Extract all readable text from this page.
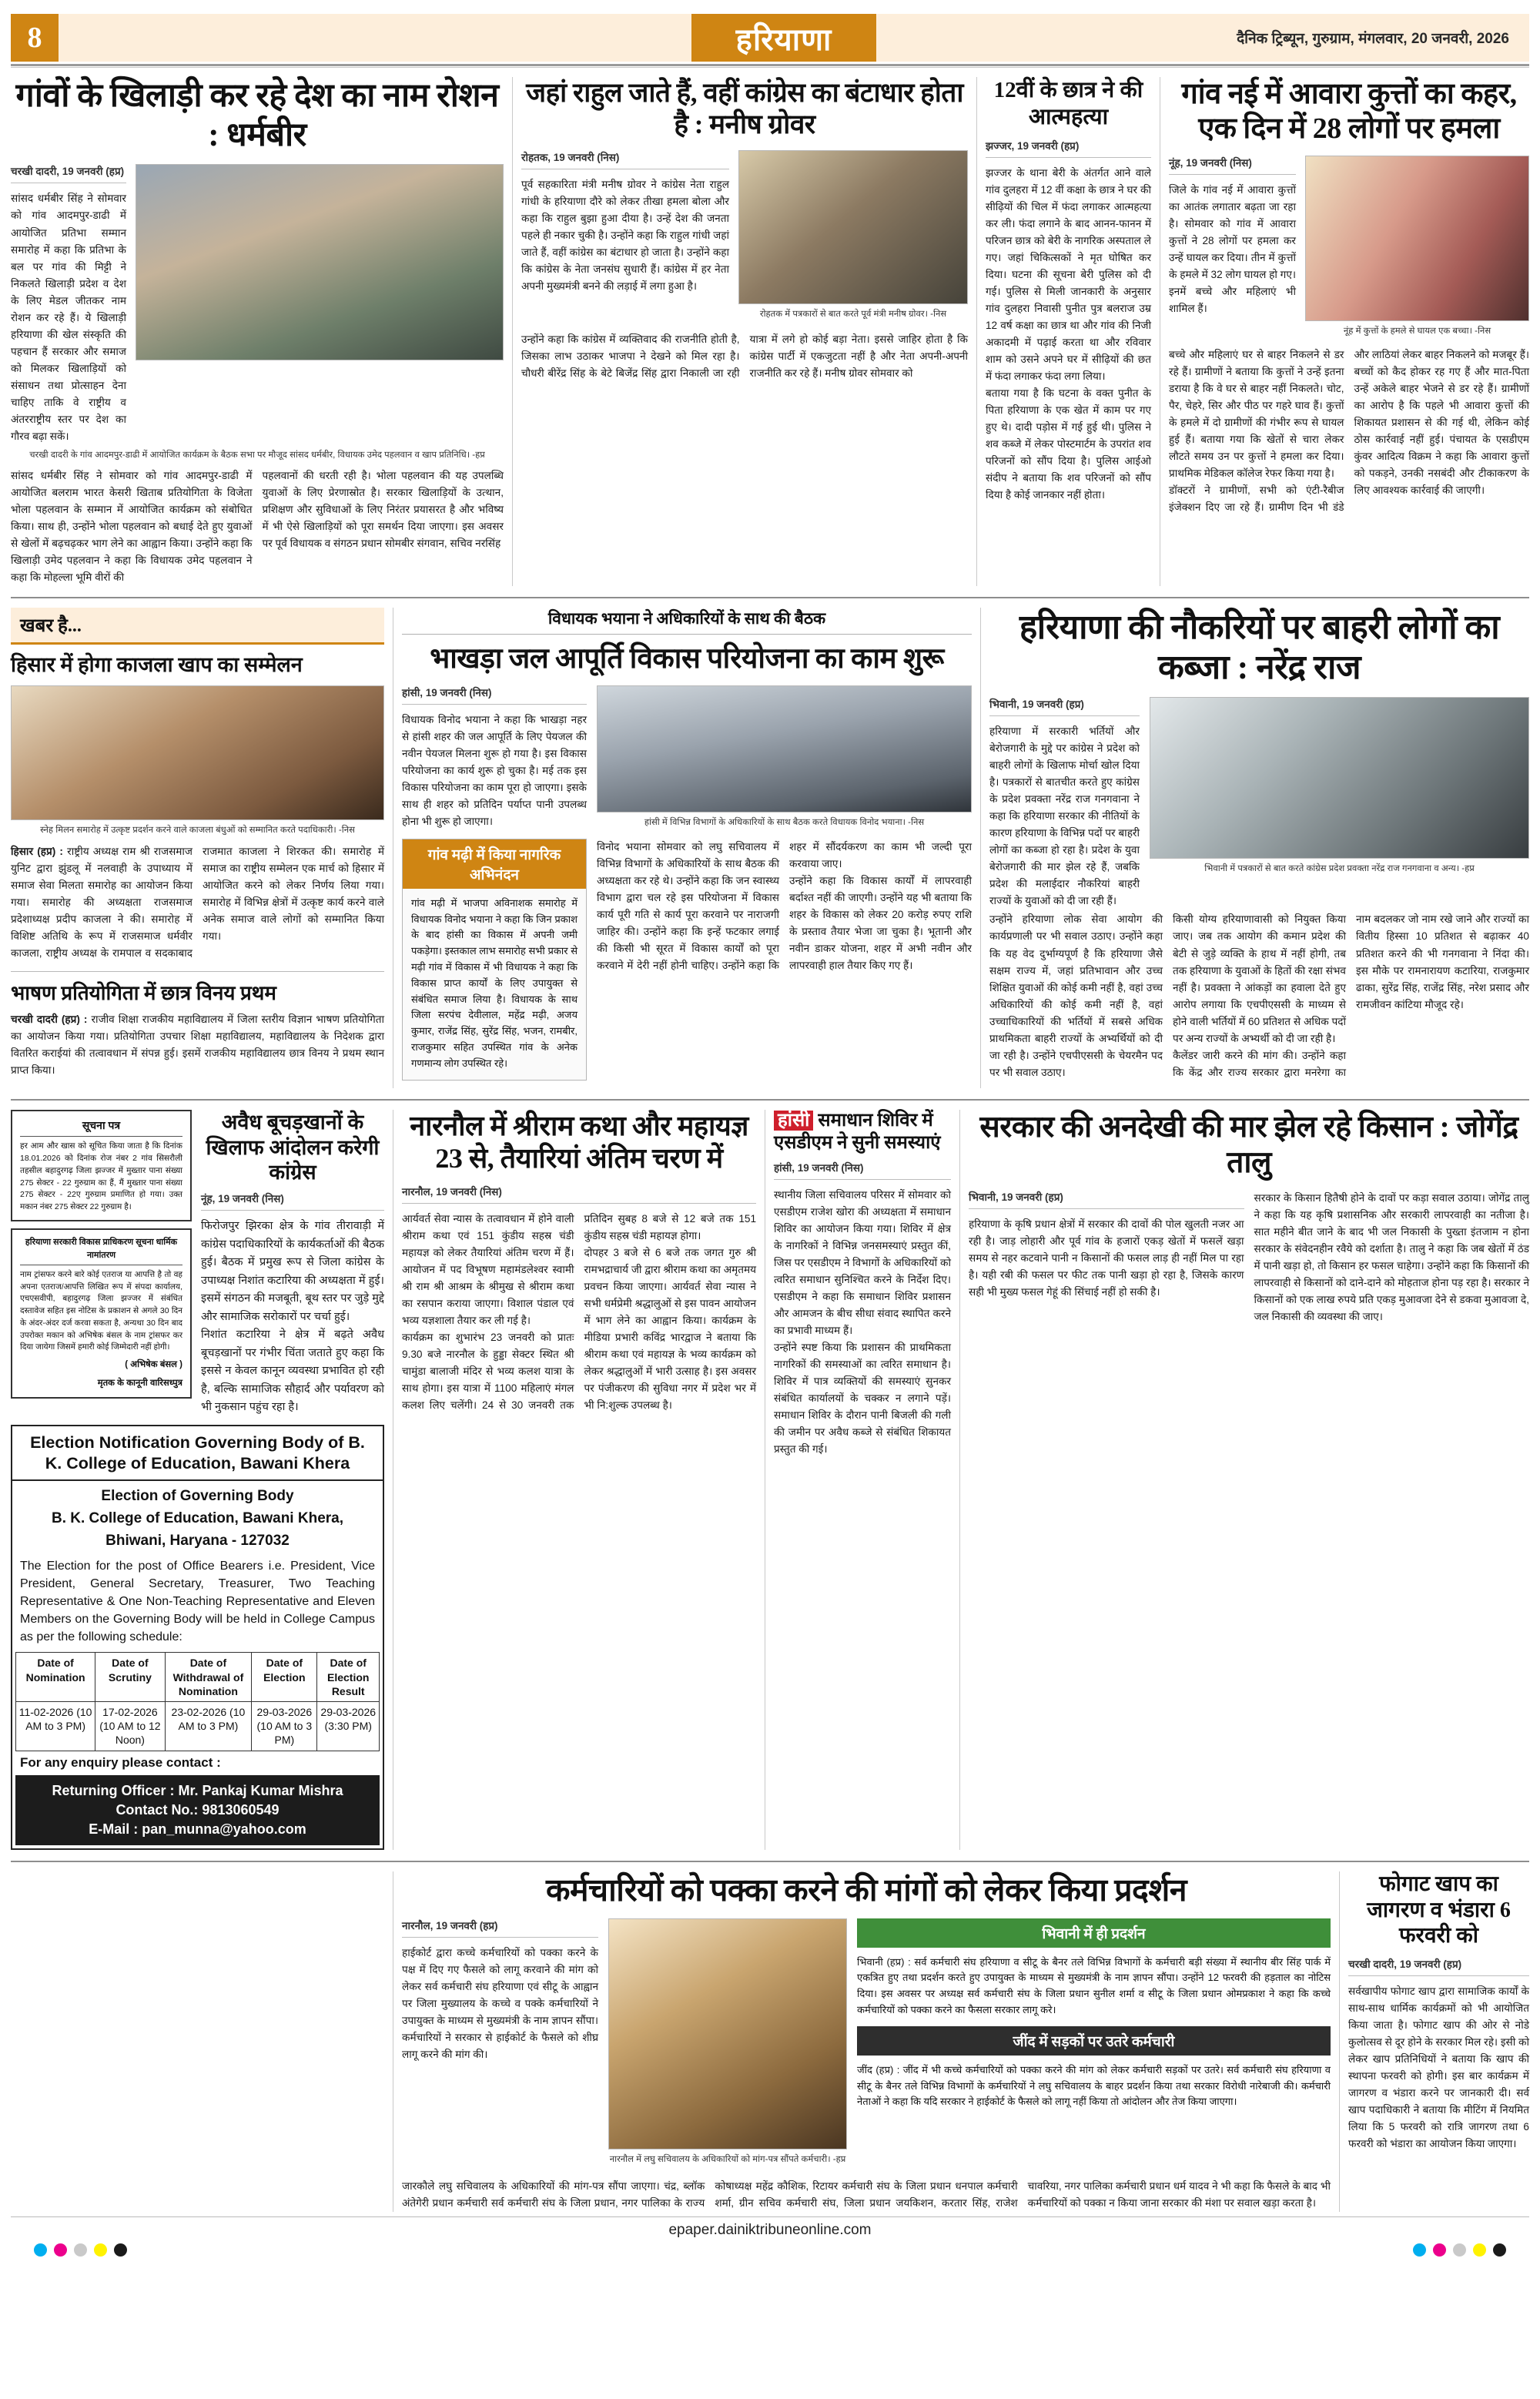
8	हरियाणा	दैनिक ट्रिब्यून, गुरुग्राम, मंगलवार, 20 जनवरी, 2026
गांवों के खिलाड़ी कर रहे देश का नाम रोशन : धर्मबीर
चरखी दादरी, 19 जनवरी (हप्र)

सांसद धर्मबीर सिंह ने सोमवार को गांव आदमपुर-डाढी में आयोजित प्रतिभा सम्मान समारोह में कहा कि प्रतिभा के बल पर गांव की मिट्टी ने निकलते खिलाड़ी प्रदेश व देश के लिए मेडल जीतकर नाम रोशन कर रहे हैं। ये खिलाड़ी हरियाणा की खेल संस्कृति की पहचान हैं सरकार और समाज को मिलकर खिलाड़ियों को संसाधन तथा प्रोत्साहन देना चाहिए ताकि वे राष्ट्रीय व अंतरराष्ट्रीय स्तर पर देश का गौरव बढ़ा सकें।

चरखी दादरी के गांव आदमपुर-डाढी में आयोजित कार्यक्रम के बैठक सभा पर मौजूद सांसद धर्मबीर, विधायक उमेद पहलवान व खाप प्रतिनिधि। -हप्र

सांसद धर्मबीर सिंह ने सोमवार को गांव आदमपुर-डाढी में आयोजित बलराम भारत केसरी खिताब प्रतियोगिता के विजेता भोला पहलवान के सम्मान में आयोजित कार्यक्रम को संबोधित किया। साथ ही, उन्होंने भोला पहलवान को बधाई देते हुए युवाओं से खेलों में बढ़चढ़कर भाग लेने का आह्वान किया। उन्होंने कहा कि खिलाड़ी उमेद पहलवान ने कहा कि विधायक उमेद पहलवान ने कहा कि मोहल्ला भूमि वीरों की

पहलवानों की धरती रही है। भोला पहलवान की यह उपलब्धि युवाओं के लिए प्रेरणास्रोत है। सरकार खिलाड़ियों के उत्थान, प्रशिक्षण और सुविधाओं के लिए निरंतर प्रयासरत है और भविष्य में भी ऐसे खिलाड़ियों को पूरा समर्थन दिया जाएगा। इस अवसर पर पूर्व विधायक व संगठन प्रधान सोमबीर संगवान, सचिव नरसिंह

जहां राहुल जाते हैं, वहीं कांग्रेस का बंटाधार होता है : मनीष ग्रोवर
रोहतक, 19 जनवरी (निस)

पूर्व सहकारिता मंत्री मनीष ग्रोवर ने कांग्रेस नेता राहुल गांधी के हरियाणा दौरे को लेकर तीखा हमला बोला और कहा कि राहुल बुझा हुआ दीया है। उन्हें देश की जनता पहले ही नकार चुकी है। उन्होंने कहा कि राहुल गांधी जहां जाते हैं, वहीं कांग्रेस का बंटाधार हो जाता है। उन्होंने कहा कि कांग्रेस के नेता जनसंघ सुधारी हैं। कांग्रेस में हर नेता अपनी मुख्यमंत्री बनने की लड़ाई में लगा हुआ है।

रोहतक में पत्रकारों से बात करते पूर्व मंत्री मनीष ग्रोवर। -निस

उन्होंने कहा कि कांग्रेस में व्यक्तिवाद की राजनीति होती है, जिसका लाभ उठाकर भाजपा ने देखने को मिल रहा है। चौधरी बीरेंद्र सिंह के बेटे बिजेंद्र सिंह द्वारा निकाली जा रही यात्रा में लगे हो कोई बड़ा नेता। इससे जाहिर होता है कि कांग्रेस पार्टी में एकजुटता नहीं है और नेता अपनी-अपनी राजनीति कर रहे हैं। मनीष ग्रोवर सोमवार को

12वीं के छात्र ने की आत्महत्या
झज्जर, 19 जनवरी (हप्र)

झज्जर के थाना बेरी के अंतर्गत आने वाले गांव दुलहरा में 12 वीं कक्षा के छात्र ने घर की सीढ़ियों की चिल में फंदा लगाकर आत्महत्या कर ली। फंदा लगाने के बाद आनन-फानन में परिजन छात्र को बेरी के नागरिक अस्पताल ले गए। जहां चिकित्सकों ने मृत घोषित कर दिया। घटना की सूचना बेरी पुलिस को दी गई। पुलिस से मिली जानकारी के अनुसार गांव दुलहरा निवासी पुनीत पुत्र बलराज उम्र 12 वर्ष कक्षा का छात्र था और गांव की निजी अकादमी में पढ़ाई करता था और रविवार शाम को उसने अपने घर में सीढ़ियों की छत में फंदा लगाकर फंदा लगा लिया।

बताया गया है कि घटना के वक्त पुनीत के पिता हरियाणा के एक खेत में काम पर गए हुए थे। दादी पड़ोस में गई हुई थी। पुलिस ने शव कब्जे में लेकर पोस्टमार्टम के उपरांत शव परिजनों को सौंप दिया है। पुलिस आईओ संदीप ने बताया कि शव परिजनों को सौंप दिया है कोई जानकार नहीं होता।

गांव नई में आवारा कुत्तों का कहर, एक दिन में 28 लोगों पर हमला
नूंह, 19 जनवरी (निस)

जिले के गांव नई में आवारा कुत्तों का आतंक लगातार बढ़ता जा रहा है। सोमवार को गांव में आवारा कुत्तों ने 28 लोगों पर हमला कर उन्हें घायल कर दिया। तीन में कुत्तों के हमले में 32 लोग घायल हो गए। इनमें बच्चे और महिलाएं भी शामिल हैं।

नूंह में कुत्तों के हमले से घायल एक बच्चा। -निस

बच्चे और महिलाएं घर से बाहर निकलने से डर रहे हैं। ग्रामीणों ने बताया कि कुत्तों ने उन्हें इतना डराया है कि वे घर से बाहर नहीं निकलते। चोट, पैर, चेहरे, सिर और पीठ पर गहरे घाव हैं। कुत्तों के हमले में दो ग्रामीणों की गंभीर रूप से घायल हुई हैं। बताया गया कि खेतों से चारा लेकर लौटते समय उन पर कुत्तों ने हमला कर दिया। प्राथमिक मेडिकल कॉलेज रेफर किया गया है।

डॉक्टरों ने ग्रामीणों, सभी को एंटी-रैबीज इंजेक्शन दिए जा रहे हैं। ग्रामीण दिन भी डंडे और लाठियां लेकर बाहर निकलने को मजबूर हैं। बच्चों को कैद होकर रह गए हैं और मात-पिता उन्हें अकेले बाहर भेजने से डर रहे हैं। ग्रामीणों का आरोप है कि पहले भी आवारा कुत्तों की शिकायत प्रशासन से की गई थी, लेकिन कोई ठोस कार्रवाई नहीं हुई। पंचायत के एसडीएम कुंवर आदित्य विक्रम ने कहा कि आवारा कुत्तों को पकड़ने, उनकी नसबंदी और टीकाकरण के लिए आवश्यक कार्रवाई की जाएगी।

खबर है...
हिसार में होगा काजला खाप का सम्मेलन
स्नेह मिलन समारोह में उत्कृष्ट प्रदर्शन करने वाले काजला बंधुओं को सम्मानित करते पदाधिकारी। -निस

हिसार (हप्र) : राष्ट्रीय अध्यक्ष राम श्री राजसमाज युनिट द्वारा झुंडलू में नलवाही के उपाध्याय में समाज सेवा मिलता समारोह का आयोजन किया गया। समारोह की अध्यक्षता राजसमाज प्रदेशाध्यक्ष प्रदीप काजला ने की। समारोह में विशिष्ट अतिथि के रूप में राजसमाज धर्मवीर काजला, राष्ट्रीय अध्यक्ष के रामपाल व सदकाबाद राजमात काजला ने शिरकत की। समारोह में समाज का राष्ट्रीय सम्मेलन एक मार्च को हिसार में आयोजित करने को लेकर निर्णय लिया गया। समारोह में विभिन्न क्षेत्रों में उत्कृष्ट कार्य करने वाले अनेक समाज वाले लोगों को सम्मानित किया गया।

भाषण प्रतियोगिता में छात्र विनय प्रथम

चरखी दादरी (हप्र) : राजीव शिक्षा राजकीय महाविद्यालय में जिला स्तरीय विज्ञान भाषण प्रतियोगिता का आयोजन किया गया। प्रतियोगिता उपचार शिक्षा महाविद्यालय, महाविद्यालय के निदेशक द्वारा वितरित कराईयां की तत्वावधान में संपन्न हुई। इसमें राजकीय महाविद्यालय छात्र विनय ने प्रथम स्थान प्राप्त किया।

विधायक भयाना ने अधिकारियों के साथ की बैठक
भाखड़ा जल आपूर्ति विकास परियोजना का काम शुरू
हांसी, 19 जनवरी (निस)

विधायक विनोद भयाना ने कहा कि भाखड़ा नहर से हांसी शहर की जल आपूर्ति के लिए पेयजल की नवीन पेयजल मिलना शुरू हो गया है। इस विकास परियोजना का कार्य शुरू हो चुका है। मई तक इस विकास परियोजना का काम पूरा हो जाएगा। इसके साथ ही शहर को प्रतिदिन पर्याप्त पानी उपलब्ध होना भी शुरू हो जाएगा।	हांसी में विभिन्न विभागों के अधिकारियों के साथ बैठक करते विधायक विनोद भयाना। -निस
गांव मढ़ी में किया नागरिक अभिनंदन
गांव मढ़ी में भाजपा अविनाशक समारोह में विधायक विनोद भयाना ने कहा कि जिन प्रकाश के बाद हांसी का विकास में अपनी जमी पकड़ेगा। इस्तकाल लाभ समारोह सभी प्रकार से मढ़ी गांव में विकास में भी विधायक ने कहा कि विकास प्राप्त कार्यों के लिए उपायुक्त से संबंधित समाज लिया है। विधायक के साथ जिला सरपंच देवीलाल, महेंद्र मढ़ी, अजय कुमार, राजेंद्र सिंह, सुरेंद्र सिंह, भजन, रामबीर, राजकुमार सहित उपस्थित गांव के अनेक गणमान्य लोग उपस्थित रहे।

विनोद भयाना सोमवार को लघु सचिवालय में विभिन्न विभागों के अधिकारियों के साथ बैठक की अध्यक्षता कर रहे थे। उन्होंने कहा कि जन स्वास्थ्य विभाग द्वारा चल रहे इस परियोजना में विकास कार्य पूरी गति से कार्य पूरा करवाने पर नाराजगी जाहिर की। उन्होंने कहा कि इन्हें फटकार लगाई की किसी भी सूरत में विकास कार्यों को पूरा करवाने में देरी नहीं होनी चाहिए। उन्होंने कहा कि शहर में सौंदर्यकरण का काम भी जल्दी पूरा करवाया जाए।

उन्होंने कहा कि विकास कार्यों में लापरवाही बर्दाश्त नहीं की जाएगी। उन्होंने यह भी बताया कि शहर के विकास को लेकर 20 करोड़ रुपए राशि के प्रस्ताव तैयार भेजा जा चुका है। भूतानी और नवीन डाकर योजना, शहर में अभी नवीन और लापरवाही हाल तैयार किए गए हैं।

हरियाणा की नौकरियों पर बाहरी लोगों का कब्जा : नरेंद्र राज
भिवानी, 19 जनवरी (हप्र)

हरियाणा में सरकारी भर्तियों और बेरोजगारी के मुद्दे पर कांग्रेस ने प्रदेश को बाहरी लोगों के खिलाफ मोर्चा खोल दिया है। पत्रकारों से बातचीत करते हुए कांग्रेस के प्रदेश प्रवक्ता नरेंद्र राज गनगवाना ने कहा कि हरियाणा सरकार की नीतियों के कारण हरियाणा के विभिन्न पदों पर बाहरी लोगों का कब्जा हो रहा है। प्रदेश के युवा बेरोजगारी की मार झेल रहे हैं, जबकि प्रदेश की मलाईदार नौकरियां बाहरी राज्यों के युवाओं को दी जा रही हैं।

भिवानी में पत्रकारों से बात करते कांग्रेस प्रदेश प्रवक्ता नरेंद्र राज गनगवाना व अन्य। -हप्र

उन्होंने हरियाणा लोक सेवा आयोग की कार्यप्रणाली पर भी सवाल उठाए। उन्होंने कहा कि यह वेद दुर्भाग्यपूर्ण है कि हरियाणा जैसे सक्षम राज्य में, जहां प्रतिभावान और उच्च शिक्षित युवाओं की कोई कमी नहीं है, वहां उच्च अधिकारियों की कोई कमी नहीं है, वहां उच्चाधिकारियों की भर्तियों में सबसे अधिक प्राथमिकता बाहरी राज्यों के अभ्यर्थियों को दी जा रही है। उन्होंने एचपीएससी के चेयरमैन पद पर भी सवाल उठाए।

किसी योग्य हरियाणावासी को नियुक्त किया जाए। जब तक आयोग की कमान प्रदेश की बेटी से जुड़े व्यक्ति के हाथ में नहीं होगी, तब तक हरियाणा के युवाओं के हितों की रक्षा संभव नहीं है। प्रवक्ता ने आंकड़ों का हवाला देते हुए आरोप लगाया कि एचपीएससी के माध्यम से होने वाली भर्तियों में 60 प्रतिशत से अधिक पदों पर अन्य राज्यों के अभ्यर्थी को दी जा रही है।

कैलेंडर जारी करने की मांग की। उन्होंने कहा कि केंद्र और राज्य सरकार द्वारा मनरेगा का नाम बदलकर जो नाम रखे जाने और राज्यों का वितीय हिस्सा 10 प्रतिशत से बढ़ाकर 40 प्रतिशत करने की भी गनगवाना ने निंदा की। इस मौके पर रामनारायण कटारिया, राजकुमार ढाका, सुरेंद्र सिंह, राजेंद्र सिंह, नरेश प्रसाद और रामजीवन कांटिया मौजूद रहे।

सूचना पत्र
हर आम और खास को सूचित किया जाता है कि दिनांक 18.01.2026 को दिनांक रोज नंबर 2 गांव सिसरौली तहसील बहादुरगढ़ जिला झज्जर में मुख्तार पाना संख्या 275 सेक्टर - 22 गुरुग्राम का हैं, मैं मुख्तार पाना संख्या 275 सेक्टर - 22ए गुरुग्राम प्रमाणित हो गया। उक्त मकान नंबर 275 सेक्टर 22 गुरुग्राम है।
हरियाणा सरकारी विकास प्राधिकरण सूचना धार्मिक नामांतरण
नाम ट्रांसफर करने बारे कोई एतराज या आपत्ति है तो वह अपना एतराज/आपत्ति लिखित रूप में संपदा कार्यालय, एचएसवीपी, बहादुरगढ़ जिला झज्जर में संबंधित दस्तावेज सहित इस नोटिस के प्रकाशन से अगले 30 दिन के अंदर-अंदर दर्ज करवा सकता है, अन्यथा 30 दिन बाद उपरोक्त मकान को अभिषेक बंसल के नाम ट्रांसफर कर दिया जायेगा जिसमें हमारी कोई जिम्मेदारी नहीं होगी।
( अभिषेक बंसल )
मृतक के कानूनी वारिसध्पुत्र
अवैध बूचड़खानों के खिलाफ आंदोलन करेगी कांग्रेस
नूंह, 19 जनवरी (निस)

फिरोजपुर झिरका क्षेत्र के गांव तीरावाड़ी में कांग्रेस पदाधिकारियों के कार्यकर्ताओं की बैठक हुई। बैठक में प्रमुख रूप से जिला कांग्रेस के उपाध्यक्ष निशांत कटारिया की अध्यक्षता में हुई। इसमें संगठन की मजबूती, बूथ स्तर पर जुड़े मुद्दे और सामाजिक सरोकारों पर चर्चा हुई।

निशांत कटारिया ने क्षेत्र में बढ़ते अवैध बूचड़खानों पर गंभीर चिंता जताते हुए कहा कि इससे न केवल कानून व्यवस्था प्रभावित हो रही है, बल्कि सामाजिक सौहार्द और पर्यावरण को भी नुकसान पहुंच रहा है।

Election Notification Governing Body of B. K. College of Education, Bawani Khera
Election of Governing Body
B. K. College of Education, Bawani Khera,
Bhiwani, Haryana - 127032
The Election for the post of Office Bearers i.e. President, Vice President, General Secretary, Treasurer, Two Teaching Representative & One Non-Teaching Representative and Eleven Members on the Governing Body will be held in College Campus as per the following schedule:
Date of Nomination	Date of Scrutiny	Date of Withdrawal of Nomination	Date of Election	Date of Election Result
11-02-2026 (10 AM to 3 PM)	17-02-2026 (10 AM to 12 Noon)	23-02-2026 (10 AM to 3 PM)	29-03-2026 (10 AM to 3 PM)	29-03-2026 (3:30 PM)
For any enquiry please contact :
Returning Officer : Mr. Pankaj Kumar Mishra
Contact No.: 9813060549
E-Mail : pan_munna@yahoo.com
नारनौल में श्रीराम कथा और महायज्ञ 23 से, तैयारियां अंतिम चरण में
नारनौल, 19 जनवरी (निस)

आर्यवर्त सेवा न्यास के तत्वावधान में होने वाली श्रीराम कथा एवं 151 कुंडीय सहस्र चंडी महायज्ञ को लेकर तैयारियां अंतिम चरण में हैं। आयोजन में पद विभूषण महामंडलेश्वर स्वामी श्री राम श्री आश्रम के श्रीमुख से श्रीराम कथा का रसपान कराया जाएगा। विशाल पंडाल एवं भव्य यज्ञशाला तैयार कर ली गई है।

कार्यक्रम का शुभारंभ 23 जनवरी को प्रातः 9.30 बजे नारनौल के हुड्डा सेक्टर स्थित श्री चामुंडा बालाजी मंदिर से भव्य कलश यात्रा के साथ होगा। इस यात्रा में 1100 महिलाएं मंगल कलश लिए चलेंगी। 24 से 30 जनवरी तक प्रतिदिन सुबह 8 बजे से 12 बजे तक 151 कुंडीय सहस्र चंडी महायज्ञ होगा।

दोपहर 3 बजे से 6 बजे तक जगत गुरु श्री रामभद्राचार्य जी द्वारा श्रीराम कथा का अमृतमय प्रवचन किया जाएगा। आर्यवर्त सेवा न्यास ने सभी धर्मप्रेमी श्रद्धालुओं से इस पावन आयोजन में भाग लेने का आह्वान किया। कार्यक्रम के मीडिया प्रभारी कविंद्र भारद्वाज ने बताया कि श्रीराम कथा एवं महायज्ञ के भव्य कार्यक्रम को लेकर श्रद्धालुओं में भारी उत्साह है। इस अवसर पर पंजीकरण की सुविधा नगर में प्रदेश भर में भी नि:शुल्क उपलब्ध है।

हांसी समाधान शिविर में एसडीएम ने सुनी समस्याएं
हांसी, 19 जनवरी (निस)

स्थानीय जिला सचिवालय परिसर में सोमवार को एसडीएम राजेश खोरा की अध्यक्षता में समाधान शिविर का आयोजन किया गया। शिविर में क्षेत्र के नागरिकों ने विभिन्न जनसमस्याएं प्रस्तुत कीं, जिस पर एसडीएम ने विभागों के अधिकारियों को त्वरित समाधान सुनिश्चित करने के निर्देश दिए। एसडीएम ने कहा कि समाधान शिविर प्रशासन और आमजन के बीच सीधा संवाद स्थापित करने का प्रभावी माध्यम हैं।

उन्होंने स्पष्ट किया कि प्रशासन की प्राथमिकता नागरिकों की समस्याओं का त्वरित समाधान है। शिविर में पात्र व्यक्तियों की समस्याएं सुनकर संबंधित कार्यालयों के चक्कर न लगाने पड़ें। समाधान शिविर के दौरान पानी बिजली की गली की जमीन पर अवैध कब्जे से संबंधित शिकायत प्रस्तुत की गई।

सरकार की अनदेखी की मार झेल रहे किसान : जोगेंद्र तालु
भिवानी, 19 जनवरी (हप्र)

हरियाणा के कृषि प्रधान क्षेत्रों में सरकार की दावों की पोल खुलती नजर आ रही है। जाड़ लोहारी और पूर्व गांव के हजारों एकड़ खेतों में फसलें खड़ा समय से नहर कटवाने पानी न किसानों की फसल लाड़ ही नहीं मिल पा रहा है। यही रबी की फसल पर फीट तक पानी खड़ा हो रहा है, जिसके कारण सही भी मुख्य फसल गेहूं की सिंचाई नहीं हो सकी है।

सरकार के किसान हितैषी होने के दावों पर कड़ा सवाल उठाया। जोगेंद्र तालु ने कहा कि यह कृषि प्रशासनिक और सरकारी लापरवाही का नतीजा है। सात महीने बीत जाने के बाद भी जल निकासी के पुख्ता इंतजाम न होना सरकार के संवेदनहीन रवैये को दर्शाता है। तालु ने कहा कि जब खेतों में ठंड में पानी खड़ा हो, तो किसान हर फसल चाहेगा। उन्होंने कहा कि किसानों की लापरवाही से किसानों को दाने-दाने को मोहताज होना पड़ रहा है। सरकार ने किसानों को एक लाख रुपये प्रति एकड़ मुआवजा देने से डकवा मुआवजा दे, जल निकासी की व्यवस्था की जाए।

कर्मचारियों को पक्का करने की मांगों को लेकर किया प्रदर्शन
नारनौल, 19 जनवरी (हप्र)

हाईकोर्ट द्वारा कच्चे कर्मचारियों को पक्का करने के पक्ष में दिए गए फैसले को लागू करवाने की मांग को लेकर सर्व कर्मचारी संघ हरियाणा एवं सीटू के आह्वान पर जिला मुख्यालय के कच्चे व पक्के कर्मचारियों ने उपायुक्त के माध्यम से मुख्यमंत्री के नाम ज्ञापन सौंपा। कर्मचारियों ने सरकार से हाईकोर्ट के फैसले को शीघ्र लागू करने की मांग की।

नारनौल में लघु सचिवालय के अधिकारियों को मांग-पत्र सौंपते कर्मचारी। -हप्र
भिवानी में ही प्रदर्शन
भिवानी (हप्र) : सर्व कर्मचारी संघ हरियाणा व सीटू के बैनर तले विभिन्न विभागों के कर्मचारी बड़ी संख्या में स्थानीय बीर सिंह पार्क में एकत्रित हुए तथा प्रदर्शन करते हुए उपायुक्त के माध्यम से मुख्यमंत्री के नाम ज्ञापन सौंपा। उन्होंने 12 फरवरी की हड़ताल का नोटिस दिया। इस अवसर पर अध्यक्ष सर्व कर्मचारी संघ के जिला प्रधान सुनील शर्मा व सीटू के जिला प्रधान ओमप्रकाश ने कहा कि कच्चे कर्मचारियों को पक्का करने का फैसला सरकार लागू करे।
जींद में सड़कों पर उतरे कर्मचारी
जींद (हप्र) : जींद में भी कच्चे कर्मचारियों को पक्का करने की मांग को लेकर कर्मचारी सड़कों पर उतरे। सर्व कर्मचारी संघ हरियाणा व सीटू के बैनर तले विभिन्न विभागों के कर्मचारियों ने लघु सचिवालय के बाहर प्रदर्शन किया तथा सरकार विरोधी नारेबाजी की। कर्मचारी नेताओं ने कहा कि यदि सरकार ने हाईकोर्ट के फैसले को लागू नहीं किया तो आंदोलन और तेज किया जाएगा।

जारकौले लघु सचिवालय के अधिकारियों की मांग-पत्र सौंपा जाएगा। चंद्र, ब्लॉक अंतेगेरी प्रधान कर्मचारी सर्व कर्मचारी संघ के जिला प्रधान, नगर पालिका के राज्य कोषाध्यक्ष महेंद्र कौशिक, रिटायर कर्मचारी संघ के जिला प्रधान धनपाल कर्मचारी शर्मा, ग्रीन सचिव कर्मचारी संघ, जिला प्रधान जयकिशन, करतार सिंह, राजेश चावरिया, नगर पालिका कर्मचारी प्रधान धर्म यादव ने भी कहा कि फैसले के बाद भी कर्मचारियों को पक्का न किया जाना सरकार की मंशा पर सवाल खड़ा करता है।

फोगाट खाप का जागरण व भंडारा 6 फरवरी को
चरखी दादरी, 19 जनवरी (हप्र)

सर्वखापीय फोगाट खाप द्वारा सामाजिक कार्यों के साथ-साथ धार्मिक कार्यक्रमों को भी आयोजित किया जाता है। फोगाट खाप की ओर से नोडे कुलोत्सव से दूर होने के सरकार मिल रहे। इसी को लेकर खाप प्रतिनिधियों ने बताया कि खाप की स्थापना फरवरी को होगी। इस बार कार्यक्रम में जागरण व भंडारा करने पर जानकारी दी। सर्व खाप पदाधिकारी ने बताया कि मीटिंग में नियमित लिया कि 5 फरवरी को रात्रि जागरण तथा 6 फरवरी को भंडारा का आयोजन किया जाएगा।

epaper.dainiktribuneonline.com
